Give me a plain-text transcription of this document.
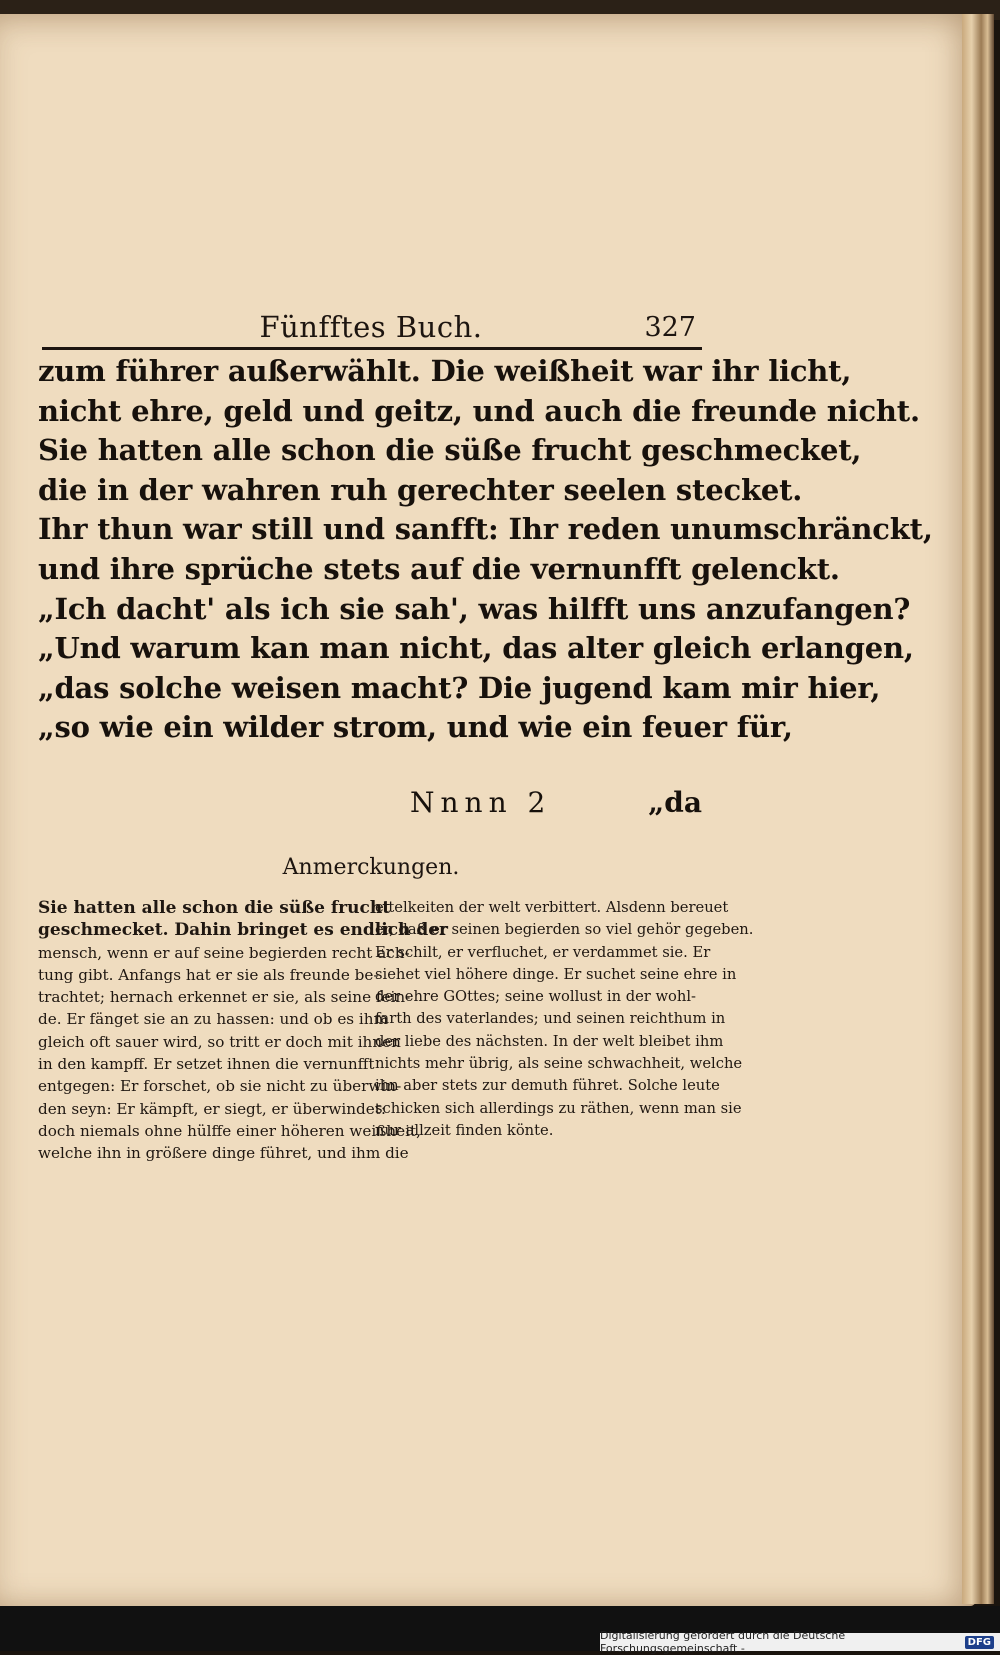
Fünfftes Buch.	327
zum führer außerwählt. Die weißheit war ihr licht,
nicht ehre, geld und geitz, und auch die freunde nicht.
Sie hatten alle schon die süße frucht geschmecket,
die in der wahren ruh gerechter seelen stecket.
Ihr thun war still und sanfft: Ihr reden unumschränckt,
und ihre sprüche stets auf die vernunfft gelenckt.
„Ich dacht' als ich sie sah', was hilfft uns anzufangen?
„Und warum kan man nicht, das alter gleich erlangen,
„das solche weisen macht? Die jugend kam mir hier,
„so wie ein wilder strom, und wie ein feuer für,
Nnnn 2	„da
Anmerckungen.
Sie hatten alle schon die süße frucht
geschmecket. Dahin bringet es endlich der
mensch, wenn er auf seine begierden recht ach-
tung gibt. Anfangs hat er sie als freunde be-
trachtet; hernach erkennet er sie, als seine fein-
de. Er fänget sie an zu hassen: und ob es ihm
gleich oft sauer wird, so tritt er doch mit ihnen
in den kampff. Er setzet ihnen die vernunfft
entgegen: Er forschet, ob sie nicht zu überwin-
den seyn: Er kämpft, er siegt, er überwindet:
doch niemals ohne hülffe einer höheren weißheit,
welche ihn in größere dinge führet, und ihm die
eitelkeiten der welt verbittert. Alsdenn bereuet
er, daß er seinen begierden so viel gehör gegeben.
Er schilt, er verfluchet, er verdammet sie. Er
siehet viel höhere dinge. Er suchet seine ehre in
der ehre GOttes; seine wollust in der wohl-
farth des vaterlandes; und seinen reichthum in
der liebe des nächsten. In der welt bleibet ihm
nichts mehr übrig, als seine schwachheit, welche
ihn aber stets zur demuth führet. Solche leute
schicken sich allerdings zu räthen, wenn man sie
nur allzeit finden könte.
Digitalisierung gefördert durch die Deutsche Forschungsgemeinschaft -	DFG
